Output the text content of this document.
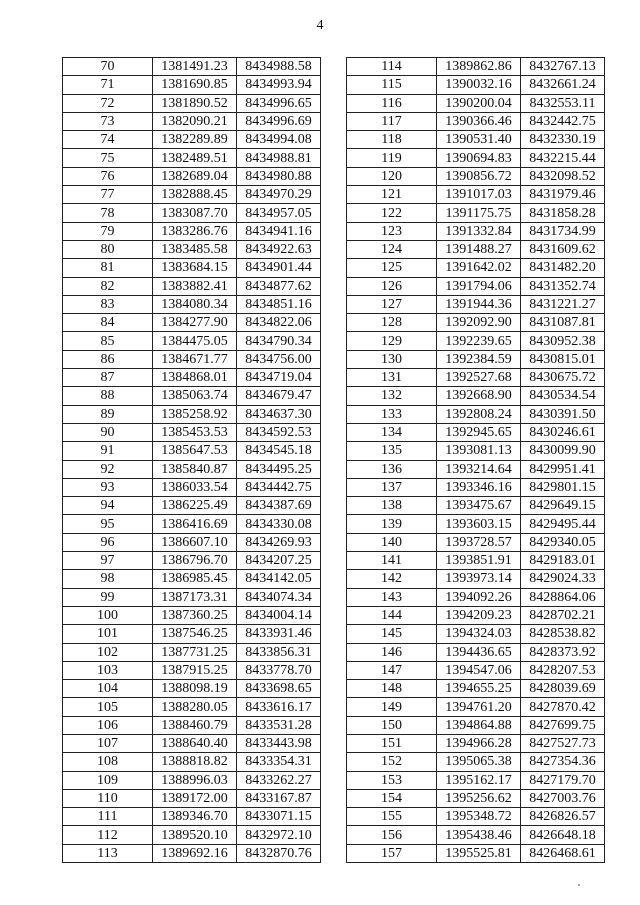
4
70	1381491.23	8434988.58
71	1381690.85	8434993.94
72	1381890.52	8434996.65
73	1382090.21	8434996.69
74	1382289.89	8434994.08
75	1382489.51	8434988.81
76	1382689.04	8434980.88
77	1382888.45	8434970.29
78	1383087.70	8434957.05
79	1383286.76	8434941.16
80	1383485.58	8434922.63
81	1383684.15	8434901.44
82	1383882.41	8434877.62
83	1384080.34	8434851.16
84	1384277.90	8434822.06
85	1384475.05	8434790.34
86	1384671.77	8434756.00
87	1384868.01	8434719.04
88	1385063.74	8434679.47
89	1385258.92	8434637.30
90	1385453.53	8434592.53
91	1385647.53	8434545.18
92	1385840.87	8434495.25
93	1386033.54	8434442.75
94	1386225.49	8434387.69
95	1386416.69	8434330.08
96	1386607.10	8434269.93
97	1386796.70	8434207.25
98	1386985.45	8434142.05
99	1387173.31	8434074.34
100	1387360.25	8434004.14
101	1387546.25	8433931.46
102	1387731.25	8433856.31
103	1387915.25	8433778.70
104	1388098.19	8433698.65
105	1388280.05	8433616.17
106	1388460.79	8433531.28
107	1388640.40	8433443.98
108	1388818.82	8433354.31
109	1388996.03	8433262.27
110	1389172.00	8433167.87
111	1389346.70	8433071.15
112	1389520.10	8432972.10
113	1389692.16	8432870.76
114	1389862.86	8432767.13
115	1390032.16	8432661.24
116	1390200.04	8432553.11
117	1390366.46	8432442.75
118	1390531.40	8432330.19
119	1390694.83	8432215.44
120	1390856.72	8432098.52
121	1391017.03	8431979.46
122	1391175.75	8431858.28
123	1391332.84	8431734.99
124	1391488.27	8431609.62
125	1391642.02	8431482.20
126	1391794.06	8431352.74
127	1391944.36	8431221.27
128	1392092.90	8431087.81
129	1392239.65	8430952.38
130	1392384.59	8430815.01
131	1392527.68	8430675.72
132	1392668.90	8430534.54
133	1392808.24	8430391.50
134	1392945.65	8430246.61
135	1393081.13	8430099.90
136	1393214.64	8429951.41
137	1393346.16	8429801.15
138	1393475.67	8429649.15
139	1393603.15	8429495.44
140	1393728.57	8429340.05
141	1393851.91	8429183.01
142	1393973.14	8429024.33
143	1394092.26	8428864.06
144	1394209.23	8428702.21
145	1394324.03	8428538.82
146	1394436.65	8428373.92
147	1394547.06	8428207.53
148	1394655.25	8428039.69
149	1394761.20	8427870.42
150	1394864.88	8427699.75
151	1394966.28	8427527.73
152	1395065.38	8427354.36
153	1395162.17	8427179.70
154	1395256.62	8427003.76
155	1395348.72	8426826.57
156	1395438.46	8426648.18
157	1395525.81	8426468.61
